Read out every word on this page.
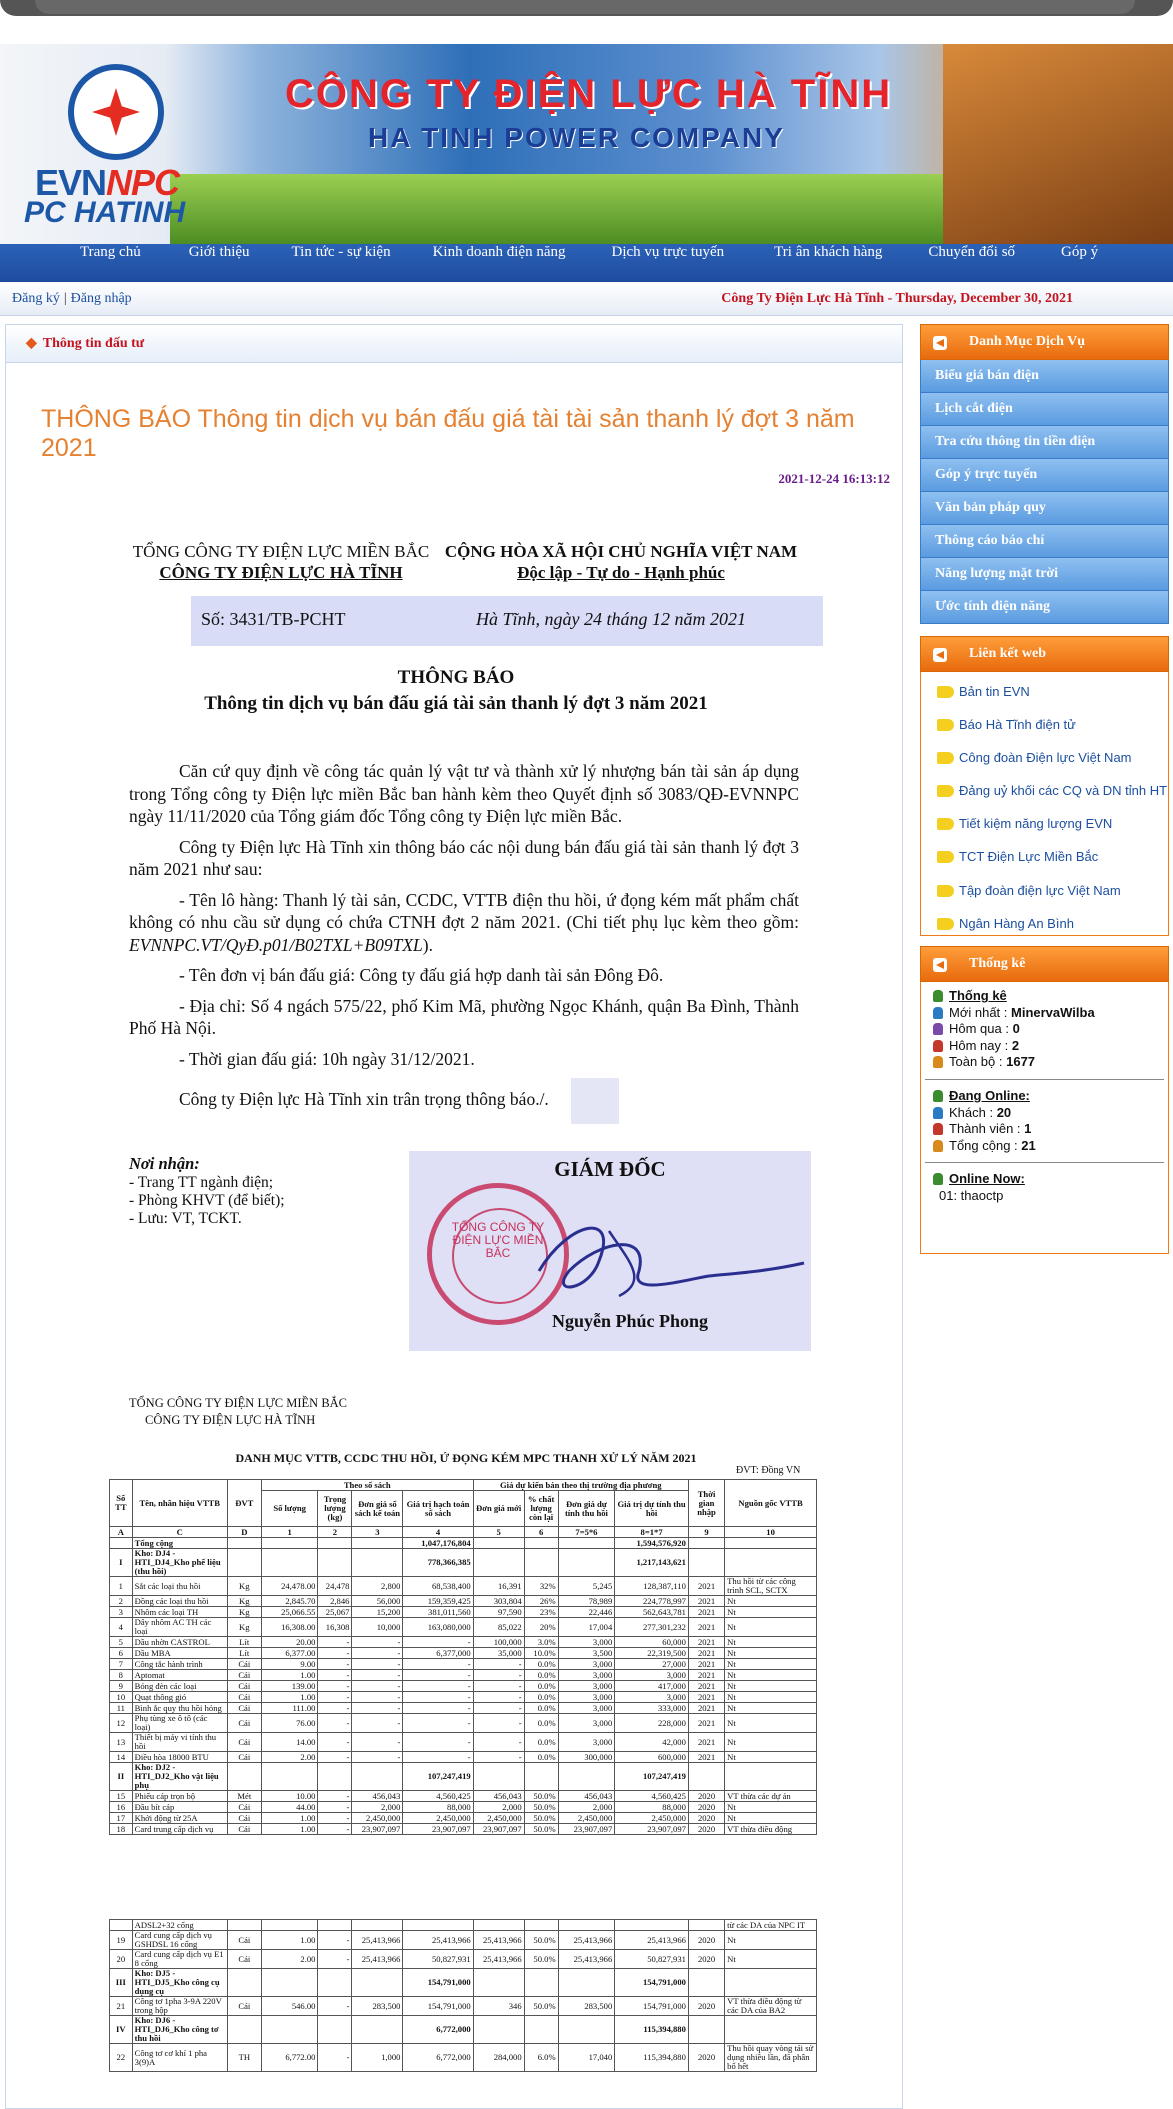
EVNNPC
PC HATINH
CÔNG TY ĐIỆN LỰC HÀ TĨNH
HA TINH POWER COMPANY
Trang chủ	Giới thiệu	Tin tức - sự kiện	Kinh doanh điện năng	Dịch vụ trực tuyến	Tri ân khách hàng	Chuyển đổi số	Góp ý
Đăng ký | Đăng nhập	Công Ty Điện Lực Hà Tĩnh - Thursday, December 30, 2021
◆ Thông tin đấu tư
THÔNG BÁO Thông tin dịch vụ bán đấu giá tài tài sản thanh lý đợt 3 năm 2021
2021-12-24 16:13:12
TỔNG CÔNG TY ĐIỆN LỰC MIỀN BẮC
CÔNG TY ĐIỆN LỰC HÀ TĨNH
CỘNG HÒA XÃ HỘI CHỦ NGHĨA VIỆT NAM
Độc lập - Tự do - Hạnh phúc
Số: 3431/TB-PCHT	Hà Tĩnh, ngày 24 tháng 12 năm 2021
THÔNG BÁO
Thông tin dịch vụ bán đấu giá tài sản thanh lý đợt 3 năm 2021

Căn cứ quy định về công tác quản lý vật tư và thành xử lý nhượng bán tài sản áp dụng trong Tổng công ty Điện lực miền Bắc ban hành kèm theo Quyết định số 3083/QĐ-EVNNPC ngày 11/11/2020 của Tổng giám đốc Tổng công ty Điện lực miền Bắc.

Công ty Điện lực Hà Tĩnh xin thông báo các nội dung bán đấu giá tài sản thanh lý đợt 3 năm 2021 như sau:

- Tên lô hàng: Thanh lý tài sản, CCDC, VTTB điện thu hồi, ứ đọng kém mất phẩm chất không có nhu cầu sử dụng có chứa CTNH đợt 2 năm 2021. (Chi tiết phụ lục kèm theo gồm: EVNNPC.VT/QyĐ.p01/B02TXL+B09TXL).

- Tên đơn vị bán đấu giá: Công ty đấu giá hợp danh tài sản Đông Đô.

- Địa chỉ: Số 4 ngách 575/22, phố Kim Mã, phường Ngọc Khánh, quận Ba Đình, Thành Phố Hà Nội.

- Thời gian đấu giá: 10h ngày 31/12/2021.

Công ty Điện lực Hà Tĩnh xin trân trọng thông báo./.

Nơi nhận:
- Trang TT ngành điện;
- Phòng KHVT (để biết);
- Lưu: VT, TCKT.
GIÁM ĐỐC
TỔNG CÔNG TY ĐIỆN LỰC MIỀN BẮC
Nguyễn Phúc Phong
TỔNG CÔNG TY ĐIỆN LỰC MIỀN BẮC
CÔNG TY ĐIỆN LỰC HÀ TĨNH
DANH MỤC VTTB, CCDC THU HỒI, Ứ ĐỌNG KÉM MPC THANH XỬ LÝ NĂM 2021
ĐVT: Đồng VN
Số TT	Tên, nhãn hiệu VTTB	ĐVT	Theo sổ sách				Giá dự kiến bán theo thị trường địa phương				Thời gian nhập	Nguồn gốc VTTB
			Số lượng	Trọng lượng (kg)	Đơn giá sổ sách kế toán	Giá trị hạch toán sổ sách	Đơn giá mới	% chất lượng còn lại	Đơn giá dự tính thu hồi	Giá trị dự tính thu hồi		
A	C	D	1	2	3	4	5	6	7=5*6	8=1*7	9	10
	Tổng cộng					1,047,176,804				1,594,576,920		
I	Kho: DJ4 - HTI_DJ4_Kho phế liệu (thu hồi)					778,366,385				1,217,143,621		
1	Sắt các loại thu hồi	Kg	24,478.00	24,478	2,800	68,538,400	16,391	32%	5,245	128,387,110	2021	Thu hồi từ các công trình SCL, SCTX
2	Đồng các loại thu hồi	Kg	2,845.70	2,846	56,000	159,359,425	303,804	26%	78,989	224,778,997	2021	Nt
3	Nhôm các loại TH	Kg	25,066.55	25,067	15,200	381,011,560	97,590	23%	22,446	562,643,781	2021	Nt
4	Dây nhôm AC TH các loại	Kg	16,308.00	16,308	10,000	163,080,000	85,022	20%	17,004	277,301,232	2021	Nt
5	Dầu nhờn CASTROL	Lít	20.00	-	-	-	100,000	3.0%	3,000	60,000	2021	Nt
6	Dầu MBA	Lít	6,377.00	-	-	6,377,000	35,000	10.0%	3,500	22,319,500	2021	Nt
7	Công tắc hành trình	Cái	9.00	-	-	-	-	0.0%	3,000	27,000	2021	Nt
8	Aptomat	Cái	1.00	-	-	-	-	0.0%	3,000	3,000	2021	Nt
9	Bóng đèn các loại	Cái	139.00	-	-	-	-	0.0%	3,000	417,000	2021	Nt
10	Quạt thông gió	Cái	1.00	-	-	-	-	0.0%	3,000	3,000	2021	Nt
11	Bình ắc quy thu hồi hỏng	Cái	111.00	-	-	-	-	0.0%	3,000	333,000	2021	Nt
12	Phụ tùng xe ô tô (các loại)	Cái	76.00	-	-	-	-	0.0%	3,000	228,000	2021	Nt
13	Thiết bị máy vi tính thu hồi	Cái	14.00	-	-	-	-	0.0%	3,000	42,000	2021	Nt
14	Điều hòa 18000 BTU	Cái	2.00	-	-	-	-	0.0%	300,000	600,000	2021	Nt
II	Kho: DJ2 - HTI_DJ2_Kho vật liệu phụ					107,247,419				107,247,419		
15	Phiếu cáp trọn bộ	Mét	10.00	-	456,043	4,560,425	456,043	50.0%	456,043	4,560,425	2020	VT thừa các dự án
16	Đầu bít cáp	Cái	44.00	-	2,000	88,000	2,000	50.0%	2,000	88,000	2020	Nt
17	Khởi động từ 25A	Cái	1.00	-	2,450,000	2,450,000	2,450,000	50.0%	2,450,000	2,450,000	2020	Nt
18	Card trung cấp dịch vụ	Cái	1.00	-	23,907,097	23,907,097	23,907,097	50.0%	23,907,097	23,907,097	2020	VT thừa điều động
	ADSL2+32 cổng											từ các DA của NPC IT
19	Card cung cấp dịch vụ GSHDSL 16 cổng	Cái	1.00	-	25,413,966	25,413,966	25,413,966	50.0%	25,413,966	25,413,966	2020	Nt
20	Card cung cấp dịch vụ E1 8 cổng	Cái	2.00	-	25,413,966	50,827,931	25,413,966	50.0%	25,413,966	50,827,931	2020	Nt
III	Kho: DJ5 - HTI_DJ5_Kho công cụ dụng cụ					154,791,000				154,791,000		
21	Công tơ 1pha 3-9A 220V trong hộp	Cái	546.00	-	283,500	154,791,000	346	50.0%	283,500	154,791,000	2020	VT thừa điều động từ các DA của BA2
IV	Kho: DJ6 - HTI_DJ6_Kho công tơ thu hồi					6,772,000				115,394,880		
22	Công tơ cơ khí 1 pha 3(9)A	TH	6,772.00	-	1,000	6,772,000	284,000	6.0%	17,040	115,394,880	2020	Thu hồi quay vòng tái sử dụng nhiều lần, đã phân bổ hết
Danh Mục Dịch Vụ
Biểu giá bán điện
Lịch cắt điện
Tra cứu thông tin tiền điện
Góp ý trực tuyến
Văn bản pháp quy
Thông cáo báo chí
Năng lượng mặt trời
Ước tính điện năng
Liên kết web
Bản tin EVN
Báo Hà Tĩnh điện tử
Công đoàn Điện lực Việt Nam
Đảng uỷ khối các CQ và DN tỉnh HT
Tiết kiệm năng lượng EVN
TCT Điện Lực Miền Bắc
Tập đoàn điện lực Việt Nam
Ngân Hàng An Bình
Thống kê
Thống kê
Mới nhất : MinervaWilba
Hôm qua : 0
Hôm nay : 2
Toàn bộ : 1677
Đang Online:
Khách : 20
Thành viên : 1
Tổng cộng : 21
Online Now:
01: thaoctp
